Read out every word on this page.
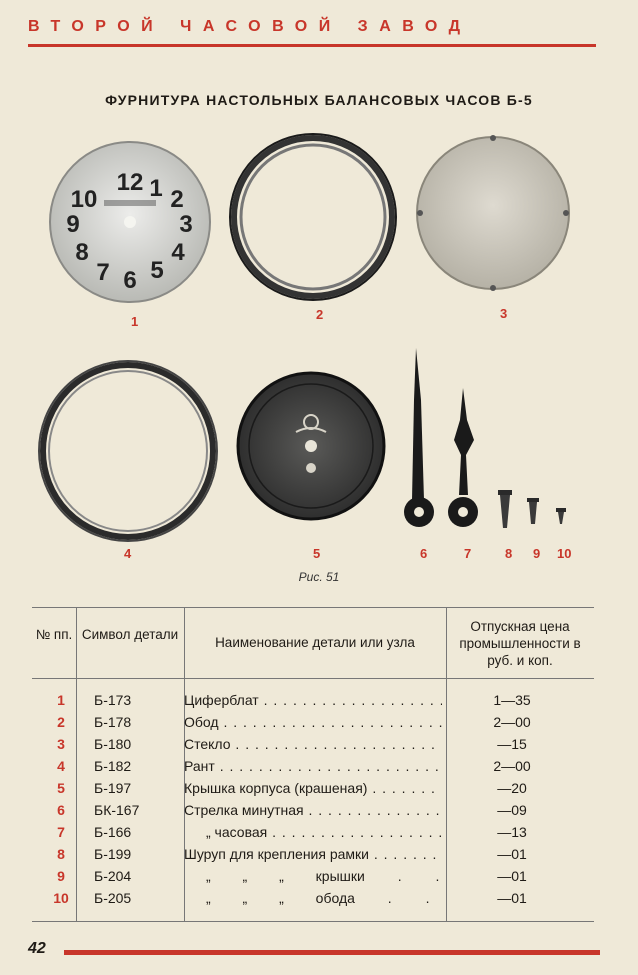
ВТОРОЙ ЧАСОВОЙ ЗАВОД
ФУРНИТУРА НАСТОЛЬНЫХ БАЛАНСОВЫХ ЧАСОВ Б-5
12 1 2
3
4
5
6
7
8
9
10
1	2	3
4	5	6	7	8 9 10
Рис. 51
№ пп. Символ детали
Наименование детали или узла
Отпускная цена промышленности в руб. и коп.
1	Б-173	Циферблат . . .	1—35
2	Б-178	Обод . . .	2—00
3	Б-180	Стекло . . .	—15
4	Б-182	Рант . . .	2—00
5	Б-197	Крышка корпуса (крашеная) . . .	—20
6	БК-167	Стрелка минутная . . .	—09
7	Б-166	„ часовая . . .	—13
8	Б-199	Шуруп для крепления рамки . . .	—01
9	Б-204	„ „ „ крышки . . .	—01
10	Б-205	„ „ „ обода . . .	—01
42
